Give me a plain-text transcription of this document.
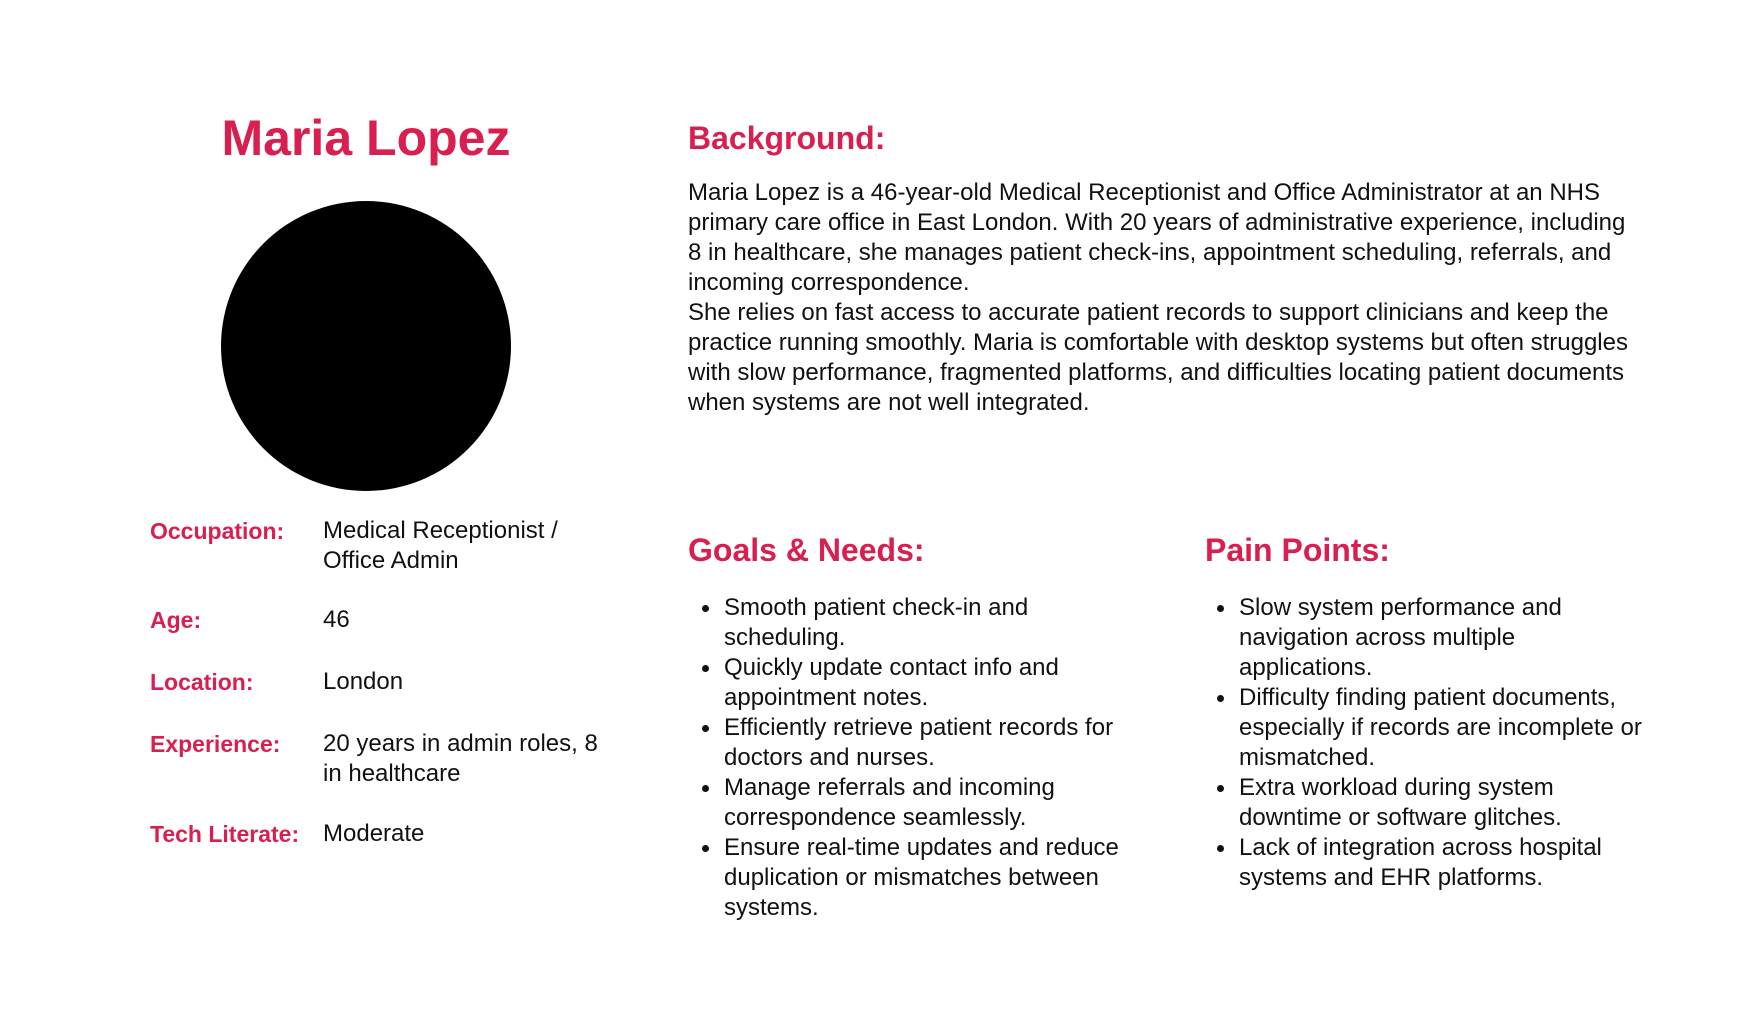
Maria Lopez
Occupation: Medical Receptionist / Office Admin
Age:	46
Location:	London
Experience: 20 years in admin roles, 8 in healthcare
Tech Literate: Moderate
Background:

Maria Lopez is a 46-year-old Medical Receptionist and Office Administrator at an NHS primary care office in East London. With 20 years of administrative experience, including 8 in healthcare, she manages patient check-ins, appointment scheduling, referrals, and incoming correspondence.

She relies on fast access to accurate patient records to support clinicians and keep the practice running smoothly. Maria is comfortable with desktop systems but often struggles with slow performance, fragmented platforms, and difficulties locating patient documents when systems are not well integrated.

Goals & Needs:
Smooth patient check-in and scheduling.
Quickly update contact info and appointment notes.
Efficiently retrieve patient records for doctors and nurses.
Manage referrals and incoming correspondence seamlessly.
Ensure real-time updates and reduce duplication or mismatches between systems.
Pain Points:
Slow system performance and navigation across multiple applications.
Difficulty finding patient documents, especially if records are incomplete or mismatched.
Extra workload during system downtime or software glitches.
Lack of integration across hospital systems and EHR platforms.
